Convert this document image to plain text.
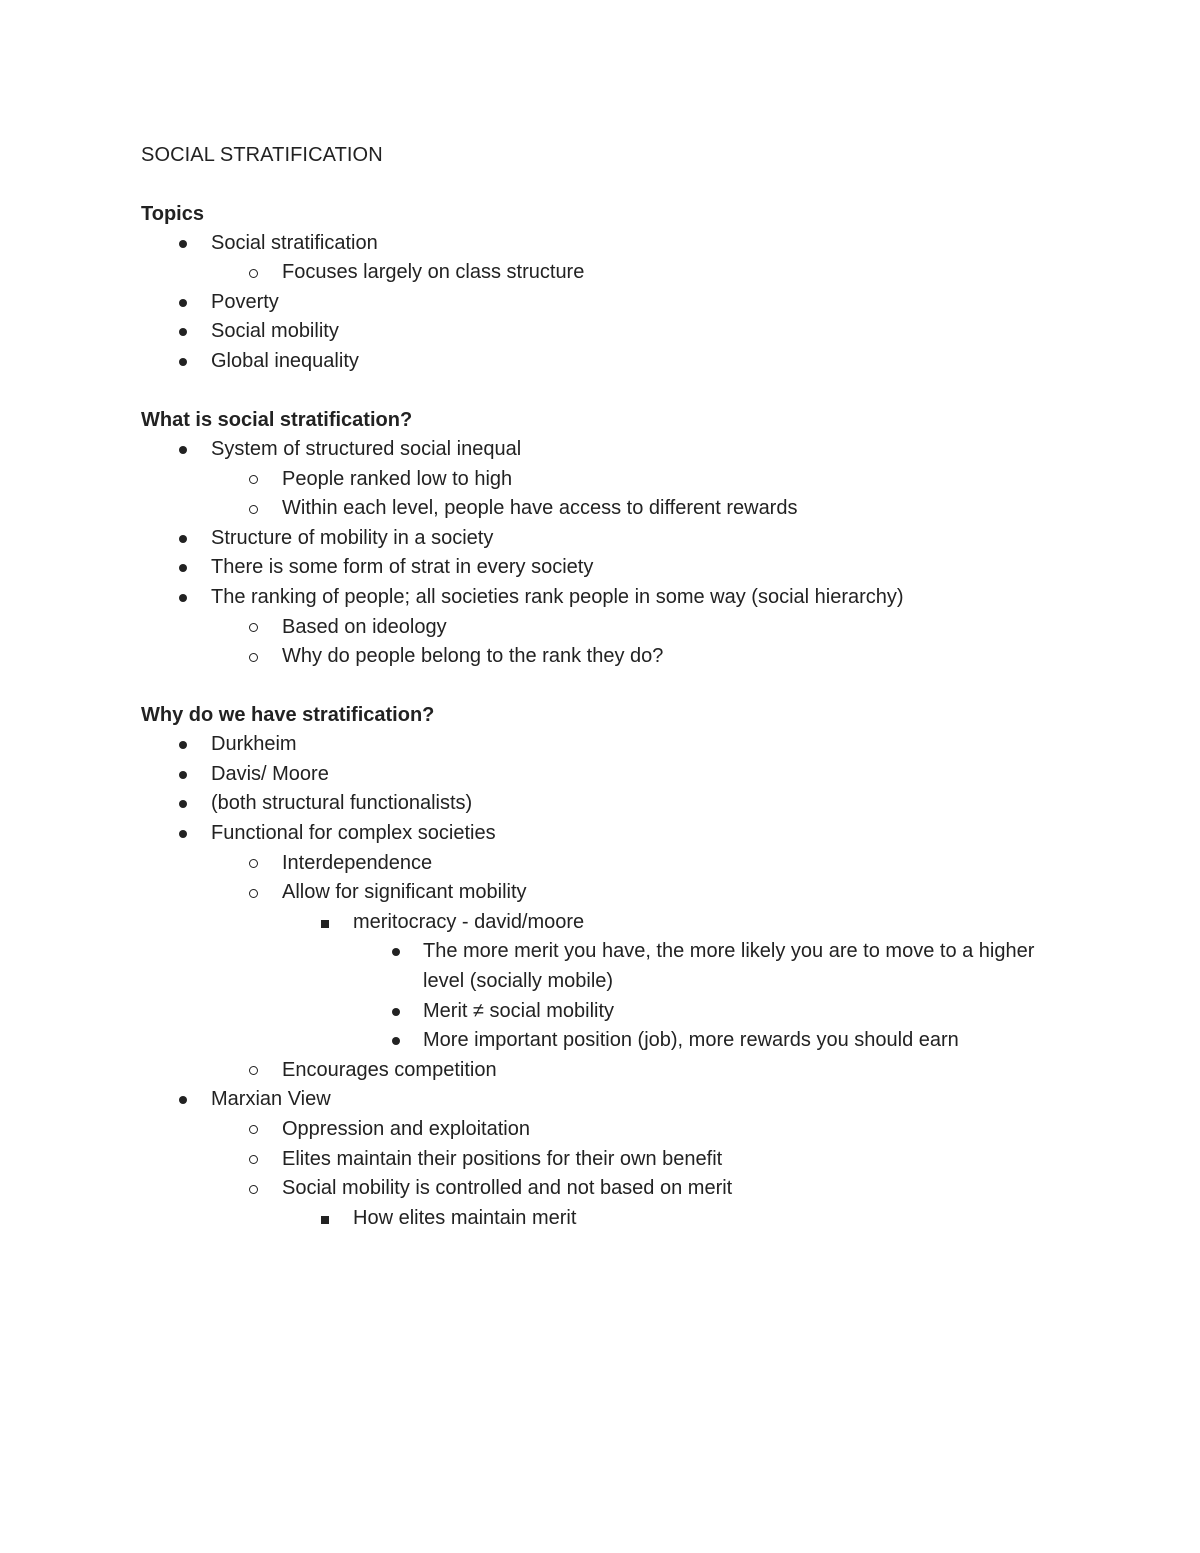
SOCIAL STRATIFICATION
Topics
Social stratification
Focuses largely on class structure
Poverty
Social mobility
Global inequality
What is social stratification?
System of structured social inequal
People ranked low to high
Within each level, people have access to different rewards
Structure of mobility in a society
There is some form of strat in every society
The ranking of people; all societies rank people in some way (social hierarchy)
Based on ideology
Why do people belong to the rank they do?
Why do we have stratification?
Durkheim
Davis/ Moore
(both structural functionalists)
Functional for complex societies
Interdependence
Allow for significant mobility
meritocracy - david/moore
The more merit you have, the more likely you are to move to a higher level (socially mobile)
Merit ≠ social mobility
More important position (job), more rewards you should earn
Encourages competition
Marxian View
Oppression and exploitation
Elites maintain their positions for their own benefit
Social mobility is controlled and not based on merit
How elites maintain merit
